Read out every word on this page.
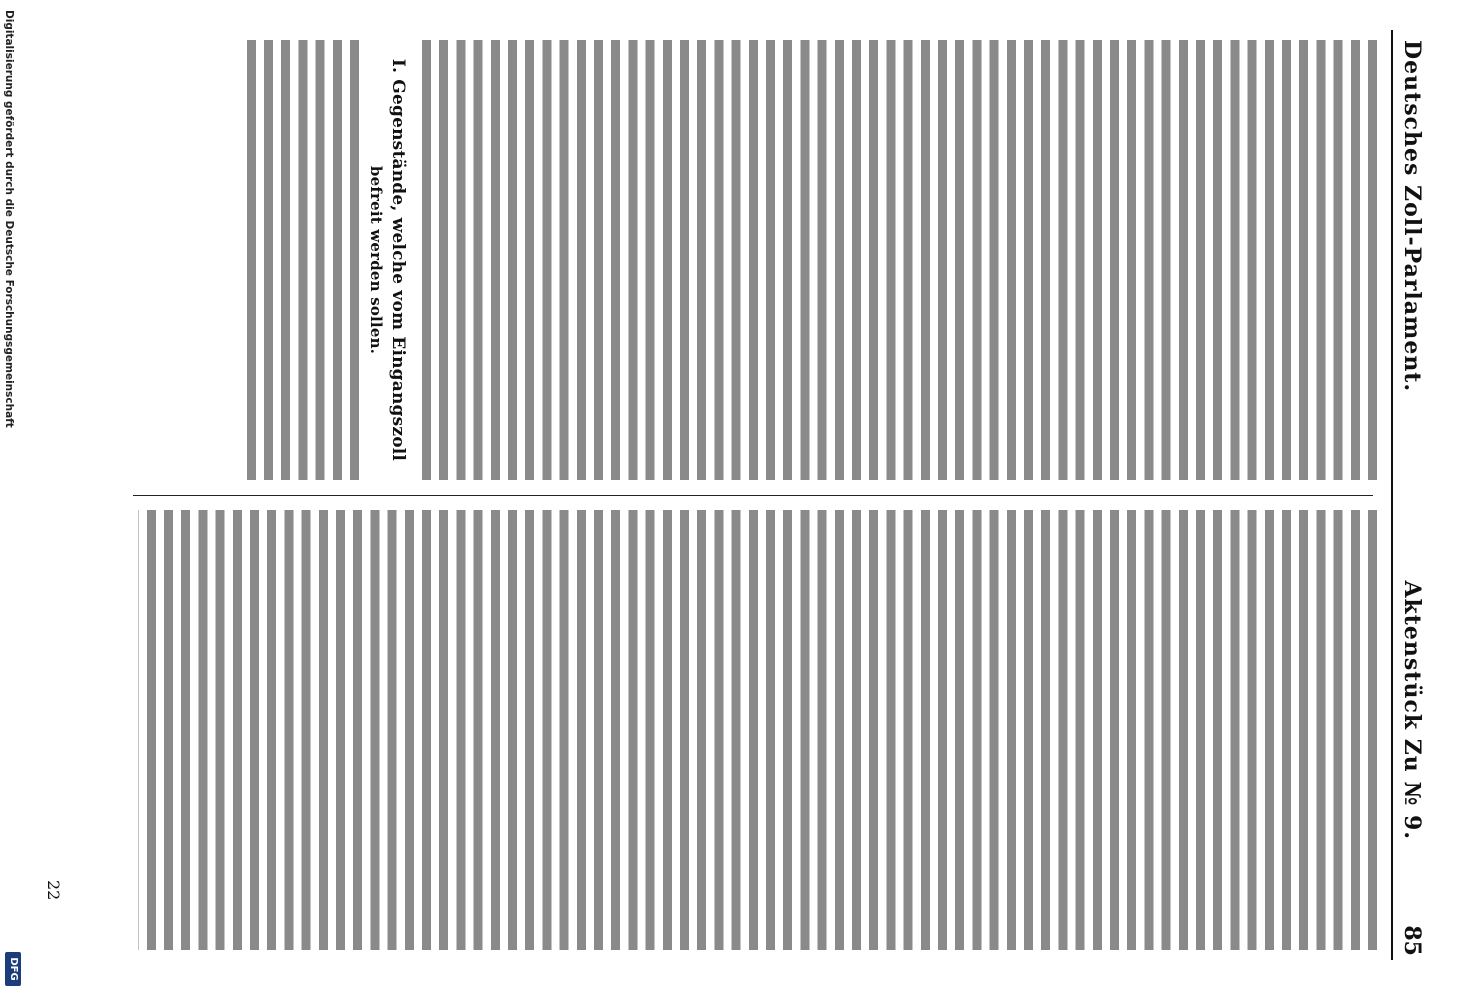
Deutsches Zoll-Parlament.
Aktenstück Zu № 9.
85

I. Gegenstände, welche vom Eingangszoll
befreit werden sollen.

22
Digitalisierung gefördert durch die Deutsche Forschungsgemeinschaft
DFG
